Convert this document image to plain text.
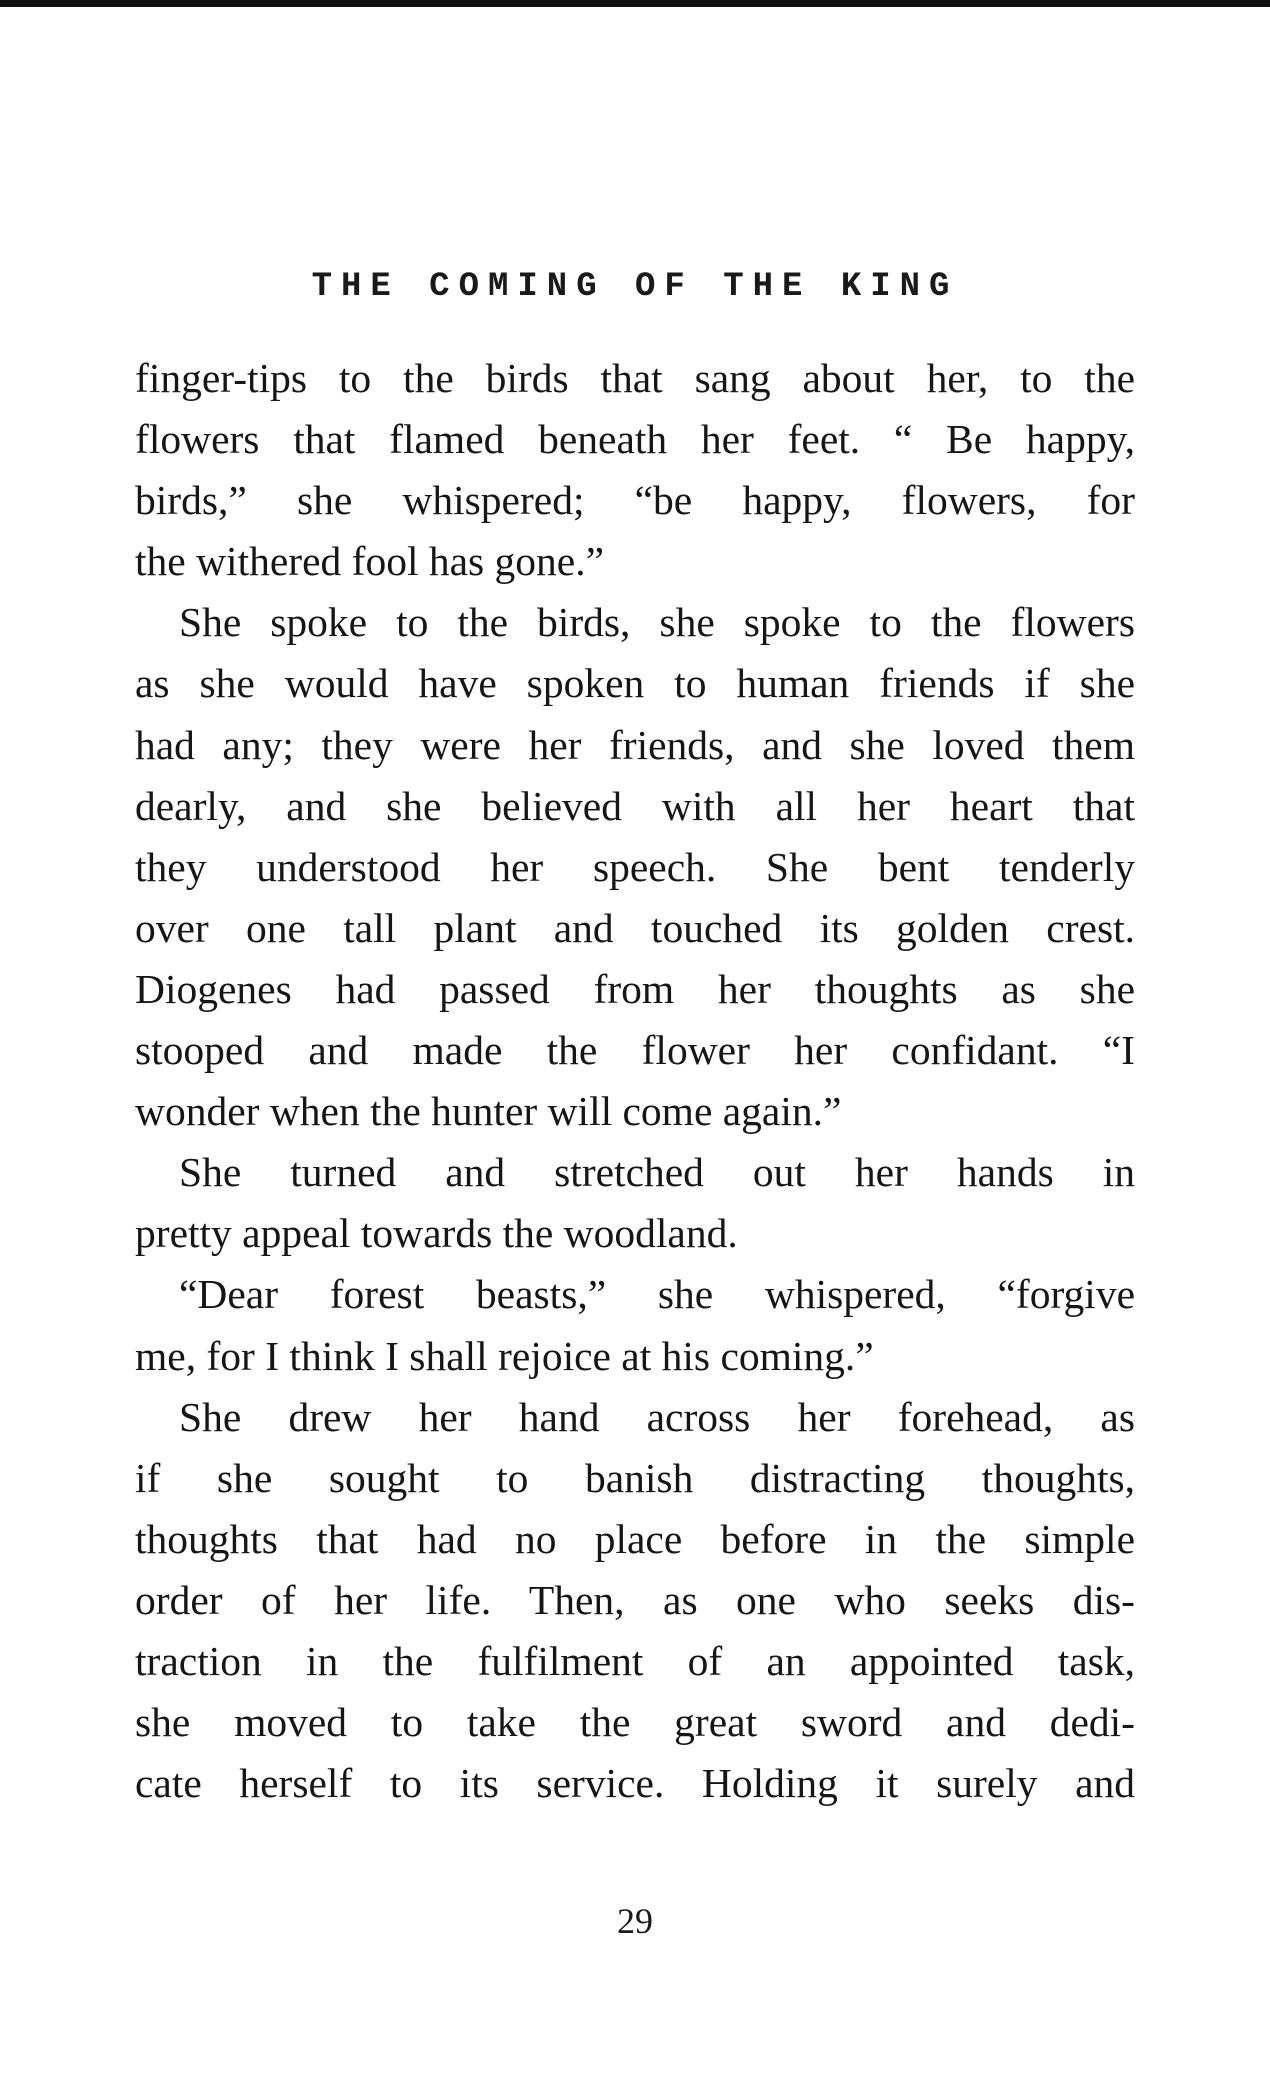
THE COMING OF THE KING
finger-tips to the birds that sang about her, to the
flowers that flamed beneath her feet. “ Be happy,
birds,” she whispered; “be happy, flowers, for
the withered fool has gone.”
She spoke to the birds, she spoke to the flowers
as she would have spoken to human friends if she
had any; they were her friends, and she loved them
dearly, and she believed with all her heart that
they understood her speech. She bent tenderly
over one tall plant and touched its golden crest.
Diogenes had passed from her thoughts as she
stooped and made the flower her confidant. “I
wonder when the hunter will come again.”
She turned and stretched out her hands in
pretty appeal towards the woodland.
“Dear forest beasts,” she whispered, “forgive
me, for I think I shall rejoice at his coming.”
She drew her hand across her forehead, as
if she sought to banish distracting thoughts,
thoughts that had no place before in the simple
order of her life. Then, as one who seeks dis-
traction in the fulfilment of an appointed task,
she moved to take the great sword and dedi-
cate herself to its service. Holding it surely and
29
